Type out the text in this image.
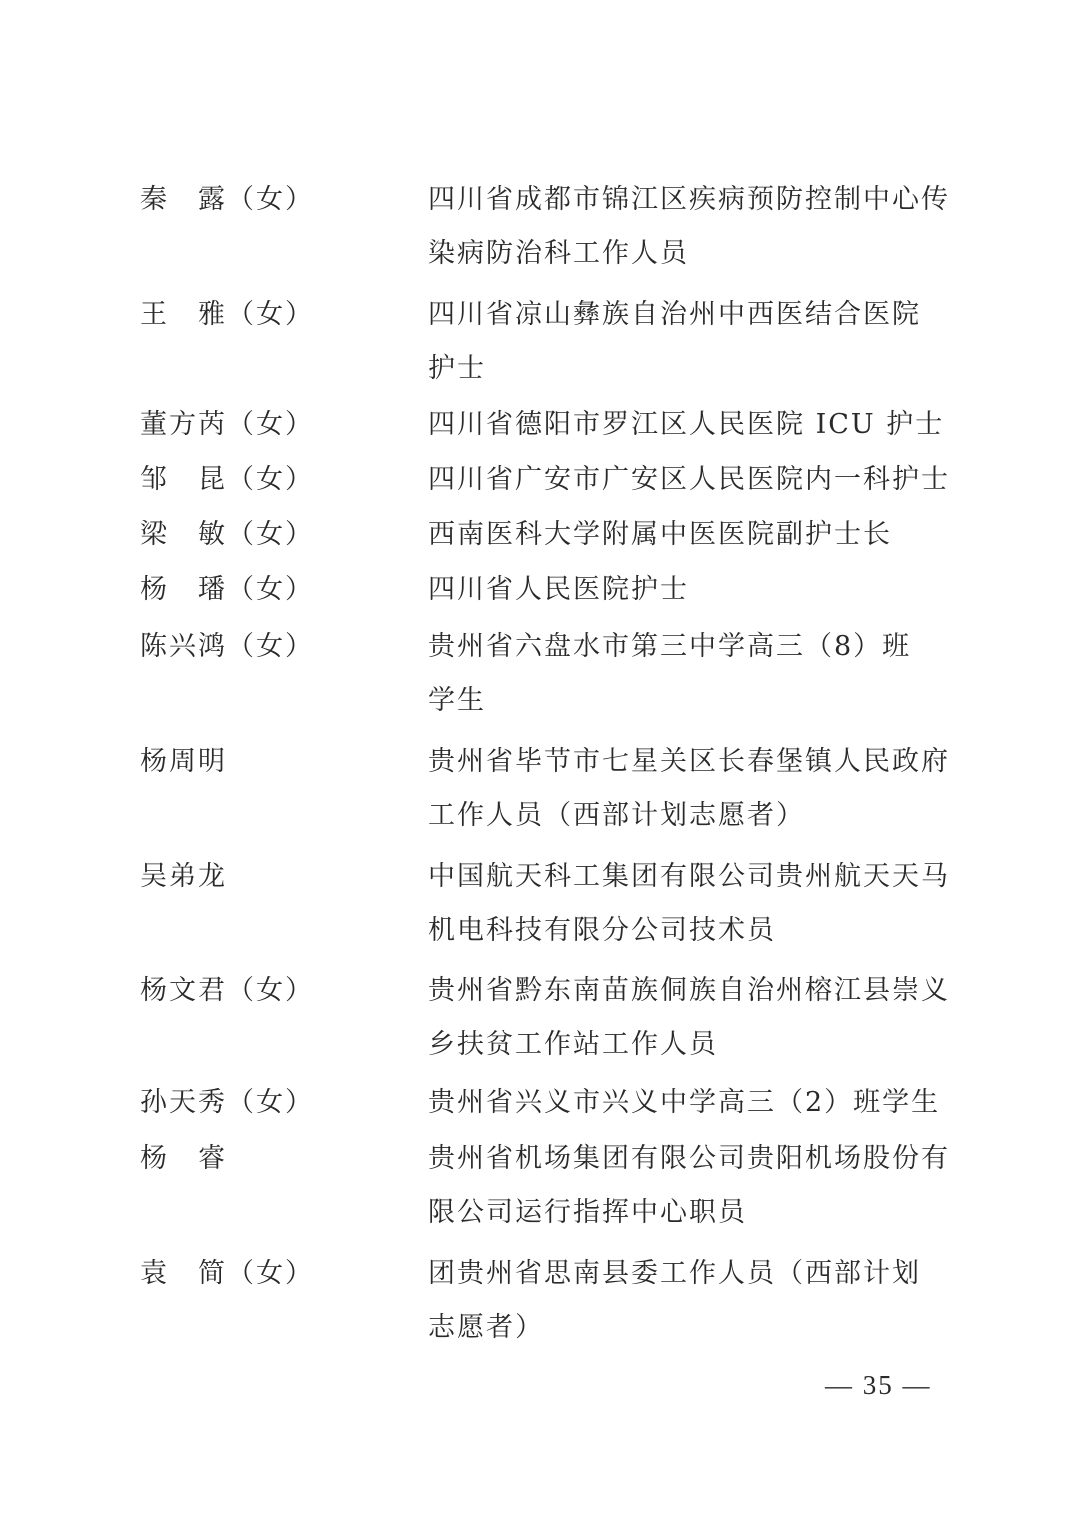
秦　露（女）	四川省成都市锦江区疾病预防控制中心传
染病防治科工作人员
王　雅（女）	四川省凉山彝族自治州中西医结合医院
护士
董方芮（女）	四川省德阳市罗江区人民医院 ICU 护士
邹　昆（女）	四川省广安市广安区人民医院内一科护士
梁　敏（女）	西南医科大学附属中医医院副护士长
杨　璠（女）	四川省人民医院护士
陈兴鸿（女）	贵州省六盘水市第三中学高三（8）班
学生
杨周明	贵州省毕节市七星关区长春堡镇人民政府
工作人员（西部计划志愿者）
吴弟龙	中国航天科工集团有限公司贵州航天天马
机电科技有限分公司技术员
杨文君（女）	贵州省黔东南苗族侗族自治州榕江县崇义
乡扶贫工作站工作人员
孙天秀（女）	贵州省兴义市兴义中学高三（2）班学生
杨　睿	贵州省机场集团有限公司贵阳机场股份有
限公司运行指挥中心职员
袁　简（女）	团贵州省思南县委工作人员（西部计划
志愿者）
— 35 —
